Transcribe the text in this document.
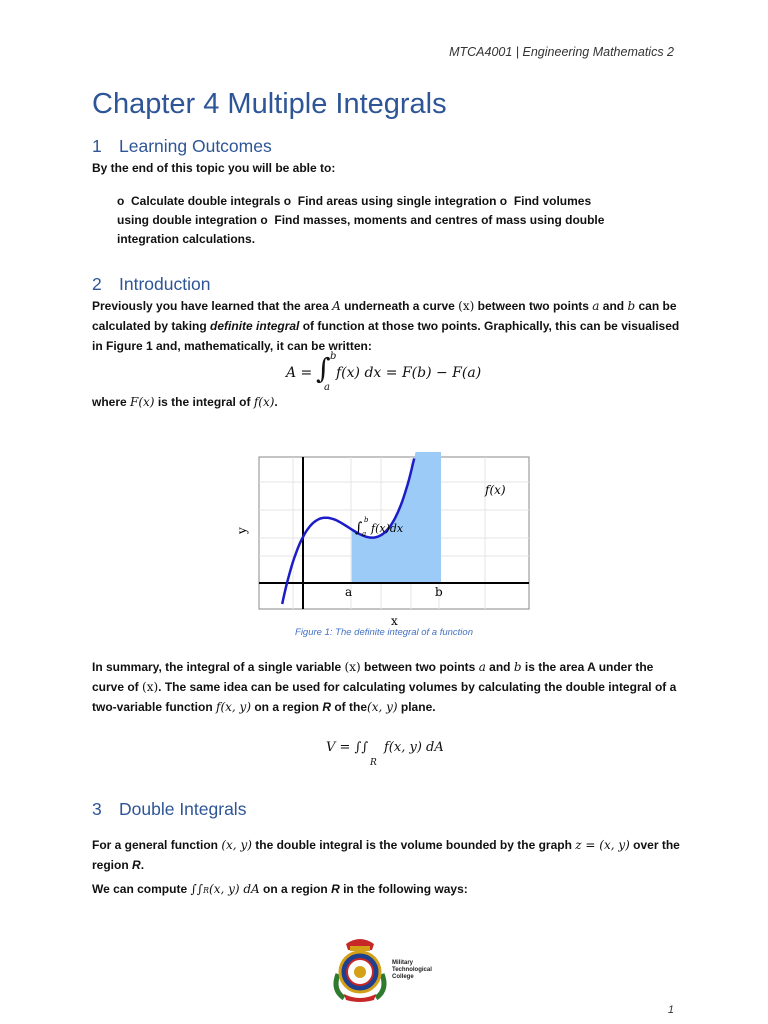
MTCA4001 | Engineering Mathematics 2
Chapter 4 Multiple Integrals
1 Learning Outcomes

By the end of this topic you will be able to:

o Calculate double integrals o Find areas using single integration o Find volumes using double integration o Find masses, moments and centres of mass using double integration calculations.
2 Introduction

Previously you have learned that the area A underneath a curve (x) between two points a and b can be calculated by taking definite integral of function at those two points. Graphically, this can be visualised in Figure 1 and, mathematically, it can be written:

A = ∫ b
a
f(x) dx = F(b) − F(a)

where F(x) is the integral of f(x).

f(x)
∫ b
a f(x)dx
a	b
x
y
Figure 1: The definite integral of a function

In summary, the integral of a single variable (x) between two points a and b is the area A under the curve of (x). The same idea can be used for calculating volumes by calculating the double integral of a two-variable function f(x, y) on a region R of the(x, y) plane.

V = ∫∫
R
f(x, y) dA
3 Double Integrals

For a general function (x, y) the double integral is the volume bounded by the graph z = (x, y) over the region R.

We can compute ∫∫R(x, y) dA on a region R in the following ways:

Military
Technological
College
1
